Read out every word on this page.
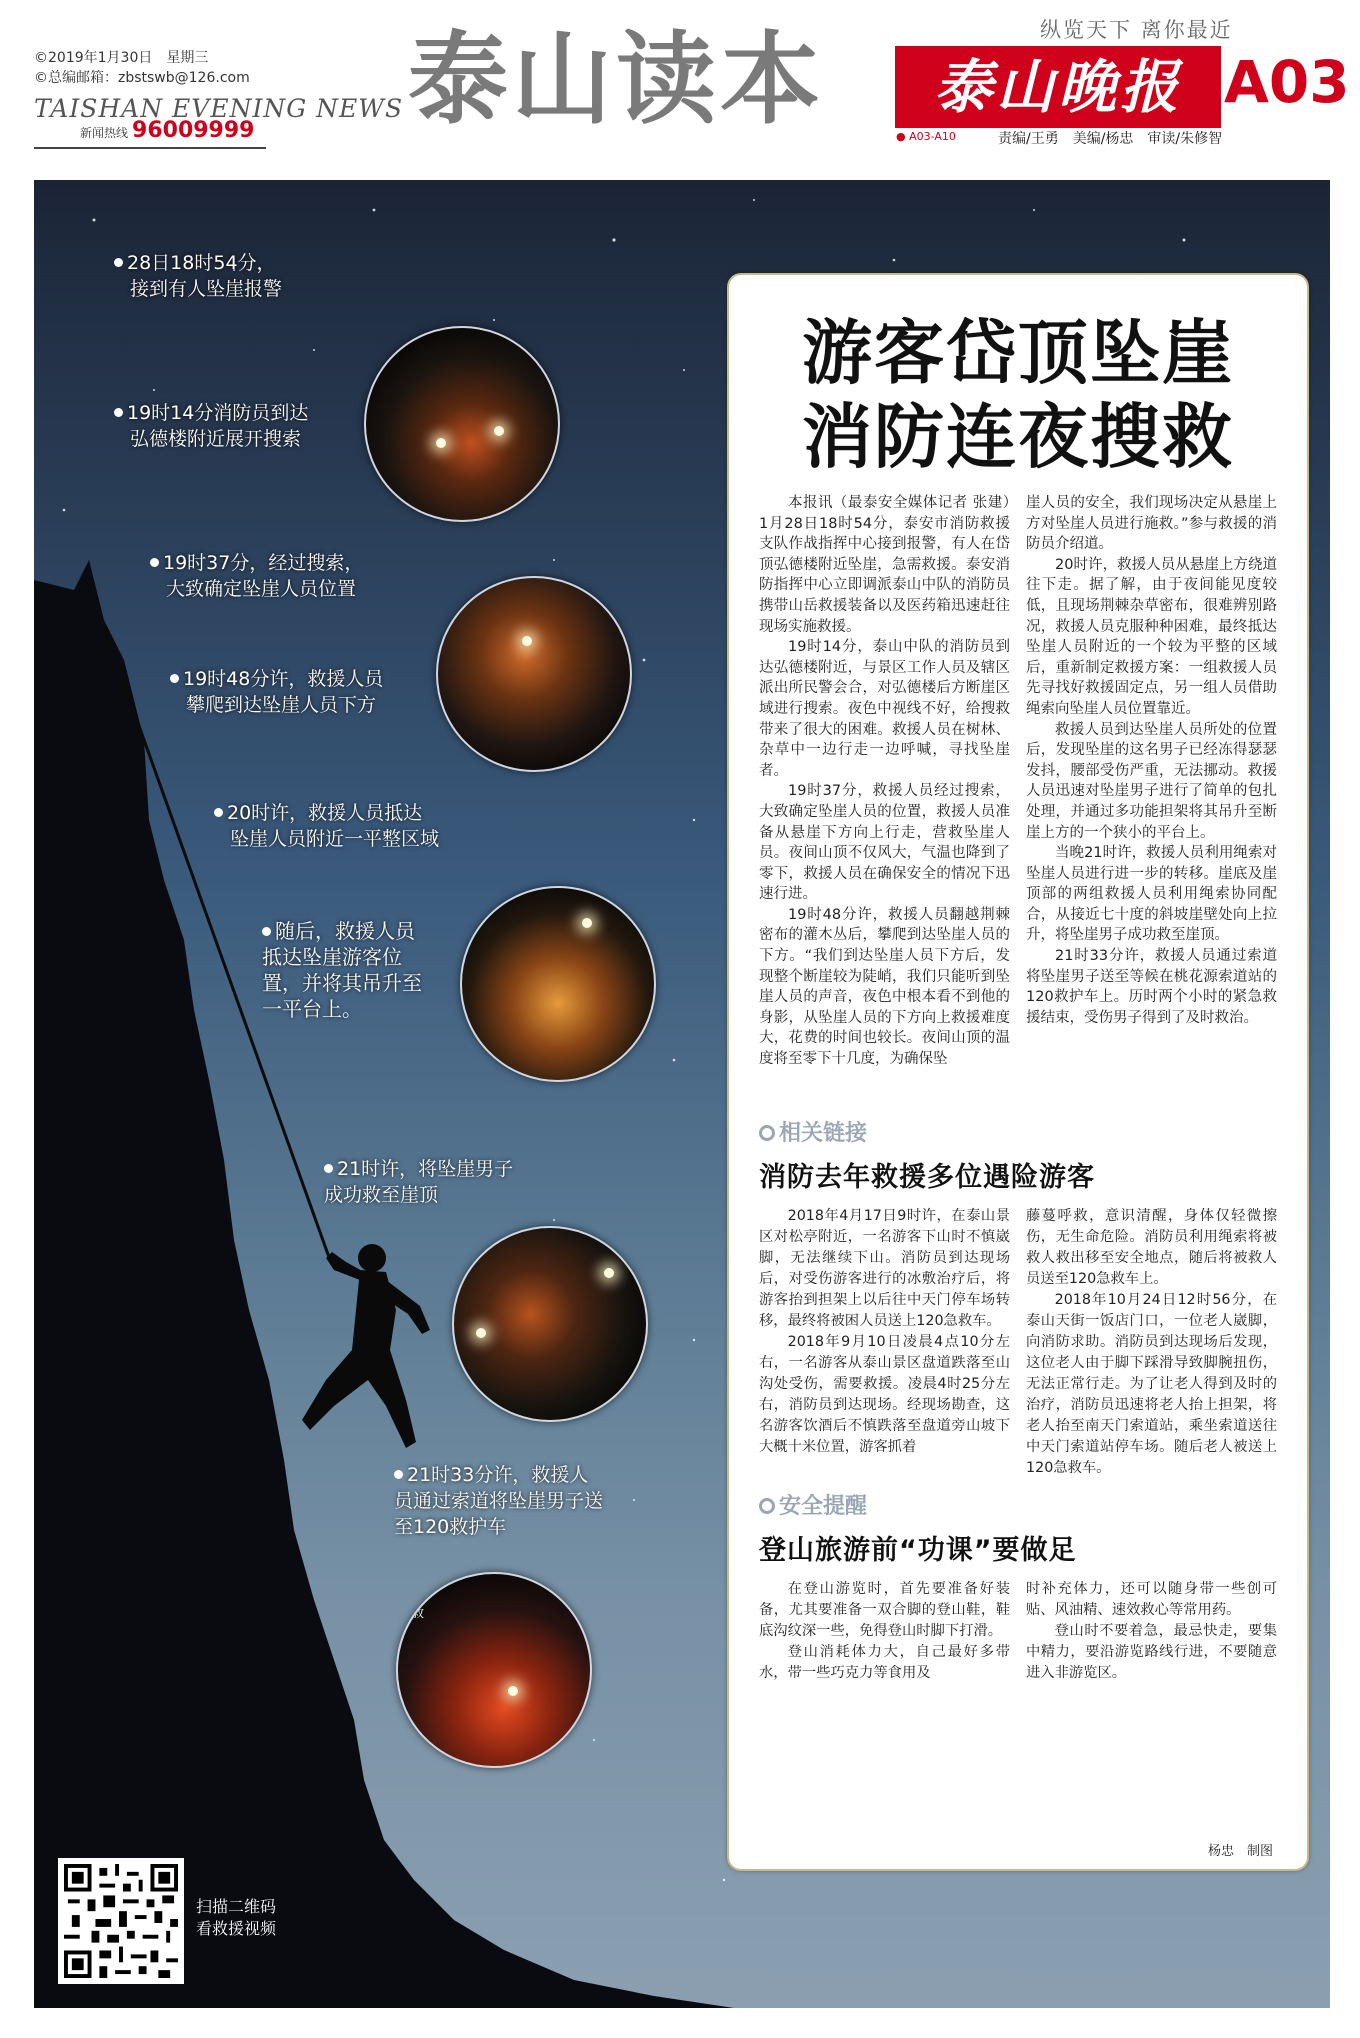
©2019年1月30日　星期三
©总编邮箱：zbstswb@126.com
TAISHAN EVENING NEWS
新闻热线 96009999 泰山读本	纵览天下 离你最近
泰山晚报 A03
● A03-A10	责编/王勇　美编/杨忠　审读/朱修智
28日18时54分，
接到有人坠崖报警
19时14分消防员到达
弘德楼附近展开搜索
19时37分，经过搜索，
大致确定坠崖人员位置
19时48分许，救援人员
攀爬到达坠崖人员下方
20时许，救援人员抵达
坠崖人员附近一平整区域
随后，救援人员
抵达坠崖游客位
置，并将其吊升至
一平台上。
21时许，将坠崖男子
成功救至崖顶
21时33分许，救援人
员通过索道将坠崖男子送
至120救护车
救
扫描二维码
看救援视频
游客岱顶坠崖
消防连夜搜救

本报讯（最泰安全媒体记者 张建）1月28日18时54分，泰安市消防救援支队作战指挥中心接到报警，有人在岱顶弘德楼附近坠崖，急需救援。泰安消防指挥中心立即调派泰山中队的消防员携带山岳救援装备以及医药箱迅速赶往现场实施救援。

19时14分，泰山中队的消防员到达弘德楼附近，与景区工作人员及辖区派出所民警会合，对弘德楼后方断崖区域进行搜索。夜色中视线不好，给搜救带来了很大的困难。救援人员在树林、杂草中一边行走一边呼喊，寻找坠崖者。

19时37分，救援人员经过搜索，大致确定坠崖人员的位置，救援人员准备从悬崖下方向上行走，营救坠崖人员。夜间山顶不仅风大，气温也降到了零下，救援人员在确保安全的情况下迅速行进。

19时48分许，救援人员翻越荆棘密布的灌木丛后，攀爬到达坠崖人员的下方。“我们到达坠崖人员下方后，发现整个断崖较为陡峭，我们只能听到坠崖人员的声音，夜色中根本看不到他的身影，从坠崖人员的下方向上救援难度大，花费的时间也较长。夜间山顶的温度将至零下十几度，为确保坠

崖人员的安全，我们现场决定从悬崖上方对坠崖人员进行施救。”参与救援的消防员介绍道。

20时许，救援人员从悬崖上方绕道往下走。据了解，由于夜间能见度较低，且现场荆棘杂草密布，很难辨别路况，救援人员克服种种困难，最终抵达坠崖人员附近的一个较为平整的区域后，重新制定救援方案：一组救援人员先寻找好救援固定点，另一组人员借助绳索向坠崖人员位置靠近。

救援人员到达坠崖人员所处的位置后，发现坠崖的这名男子已经冻得瑟瑟发抖，腰部受伤严重，无法挪动。救援人员迅速对坠崖男子进行了简单的包扎处理，并通过多功能担架将其吊升至断崖上方的一个狭小的平台上。

当晚21时许，救援人员利用绳索对坠崖人员进行进一步的转移。崖底及崖顶部的两组救援人员利用绳索协同配合，从接近七十度的斜坡崖壁处向上拉升，将坠崖男子成功救至崖顶。

21时33分许，救援人员通过索道将坠崖男子送至等候在桃花源索道站的120救护车上。历时两个小时的紧急救援结束，受伤男子得到了及时救治。

相关链接
消防去年救援多位遇险游客

2018年4月17日9时许，在泰山景区对松亭附近，一名游客下山时不慎崴脚，无法继续下山。消防员到达现场后，对受伤游客进行的冰敷治疗后，将游客抬到担架上以后往中天门停车场转移，最终将被困人员送上120急救车。

2018年9月10日凌晨4点10分左右，一名游客从泰山景区盘道跌落至山沟处受伤，需要救援。凌晨4时25分左右，消防员到达现场。经现场勘查，这名游客饮酒后不慎跌落至盘道旁山坡下大概十米位置，游客抓着

藤蔓呼救，意识清醒，身体仅轻微擦伤，无生命危险。消防员利用绳索将被救人救出移至安全地点，随后将被救人员送至120急救车上。

2018年10月24日12时56分，在泰山天街一饭店门口，一位老人崴脚，向消防求助。消防员到达现场后发现，这位老人由于脚下踩滑导致脚腕扭伤，无法正常行走。为了让老人得到及时的治疗，消防员迅速将老人抬上担架，将老人抬至南天门索道站，乘坐索道送往中天门索道站停车场。随后老人被送上120急救车。

安全提醒
登山旅游前“功课”要做足

在登山游览时，首先要准备好装备，尤其要准备一双合脚的登山鞋，鞋底沟纹深一些，免得登山时脚下打滑。

登山消耗体力大，自己最好多带水，带一些巧克力等食用及

时补充体力，还可以随身带一些创可贴、风油精、速效救心等常用药。

登山时不要着急，最忌快走，要集中精力，要沿游览路线行进，不要随意进入非游览区。

杨忠　制图
